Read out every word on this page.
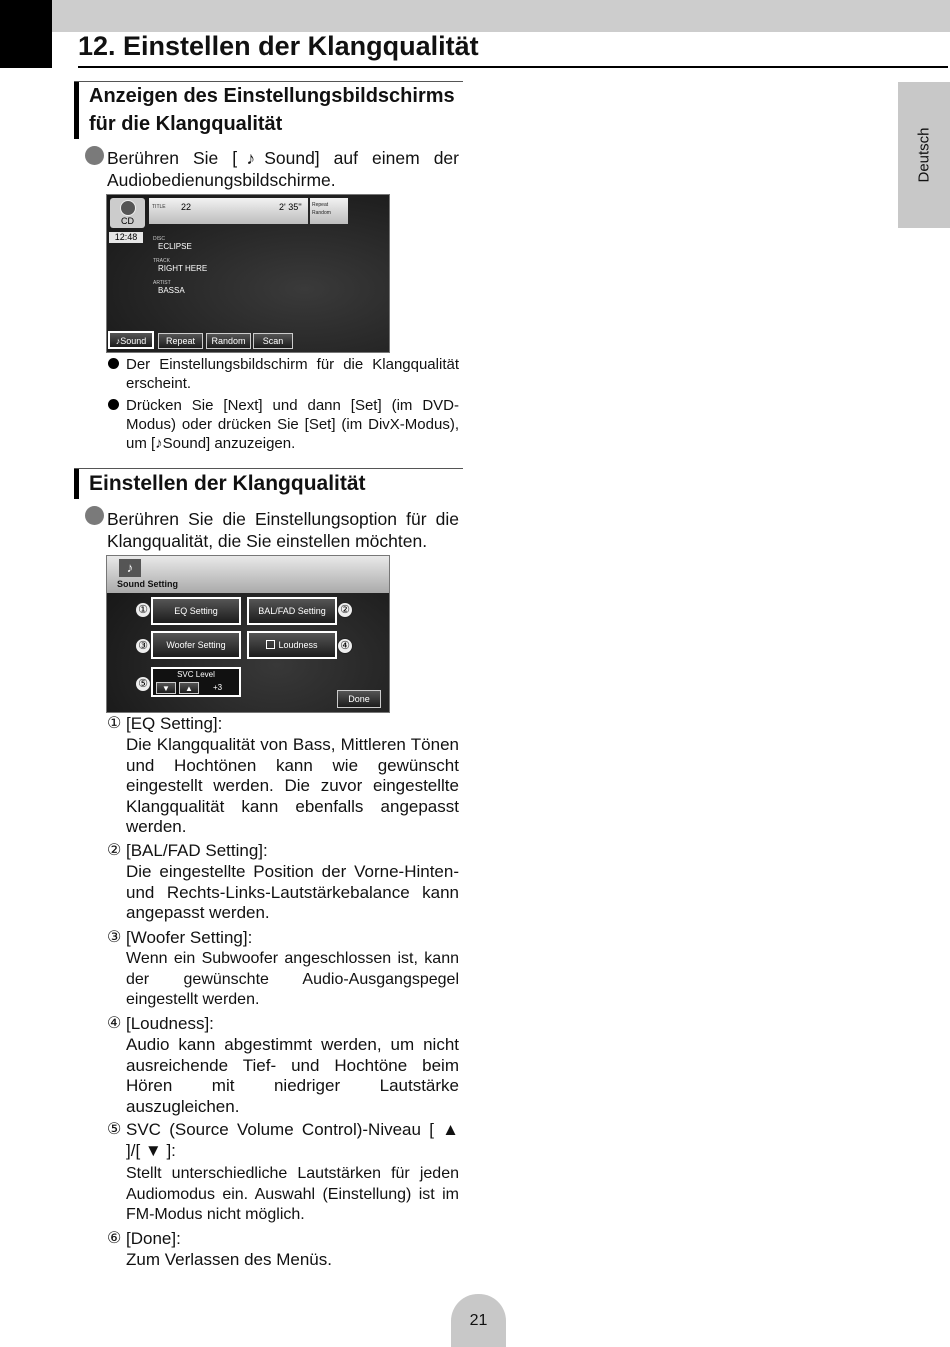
12. Einstellen der Klangqualität
Deutsch
Anzeigen des Einstellungsbildschirms
für die Klangqualität
Berühren Sie [♪Sound] auf einem der
Audiobedienungsbildschirme.
CD
12:48
TITLE 22	2' 35'' Repeat
Random
DISC
ECLIPSE
TRACK
RIGHT HERE
ARTIST
BASSA
♪Sound	Repeat	Random	Scan
Der Einstellungsbildschirm für die Klangqualität erscheint.
Drücken Sie [Next] und dann [Set] (im DVD-Modus) oder drücken Sie [Set] (im DivX-Modus), um [♪Sound] anzuzeigen.
Einstellen der Klangqualität
Berühren Sie die Einstellungsoption für die
Klangqualität, die Sie einstellen möchten.
♪
Sound Setting
EQ Setting	BAL/FAD Setting
Woofer Setting	Loudness
SVC Level
▼	▲	+3
Done
①	②
③	④
⑤
① [EQ Setting]:
Die Klangqualität von Bass, Mittleren Tönen und Hochtönen kann wie gewünscht eingestellt werden. Die zuvor eingestellte Klangqualität kann ebenfalls angepasst werden.
② [BAL/FAD Setting]:
Die eingestellte Position der Vorne-Hinten- und Rechts-Links-Lautstärkebalance kann angepasst werden.
③ [Woofer Setting]:
Wenn ein Subwoofer angeschlossen ist, kann der gewünschte Audio-Ausgangspegel eingestellt werden.
④ [Loudness]:
Audio kann abgestimmt werden, um nicht ausreichende Tief- und Hochtöne beim Hören mit niedriger Lautstärke auszugleichen.
⑤ SVC (Source Volume Control)-Niveau [ ▲ ]/[ ▼ ]:
Stellt unterschiedliche Lautstärken für jeden Audiomodus ein. Auswahl (Einstellung) ist im FM-Modus nicht möglich.
⑥ [Done]:
Zum Verlassen des Menüs.
21
